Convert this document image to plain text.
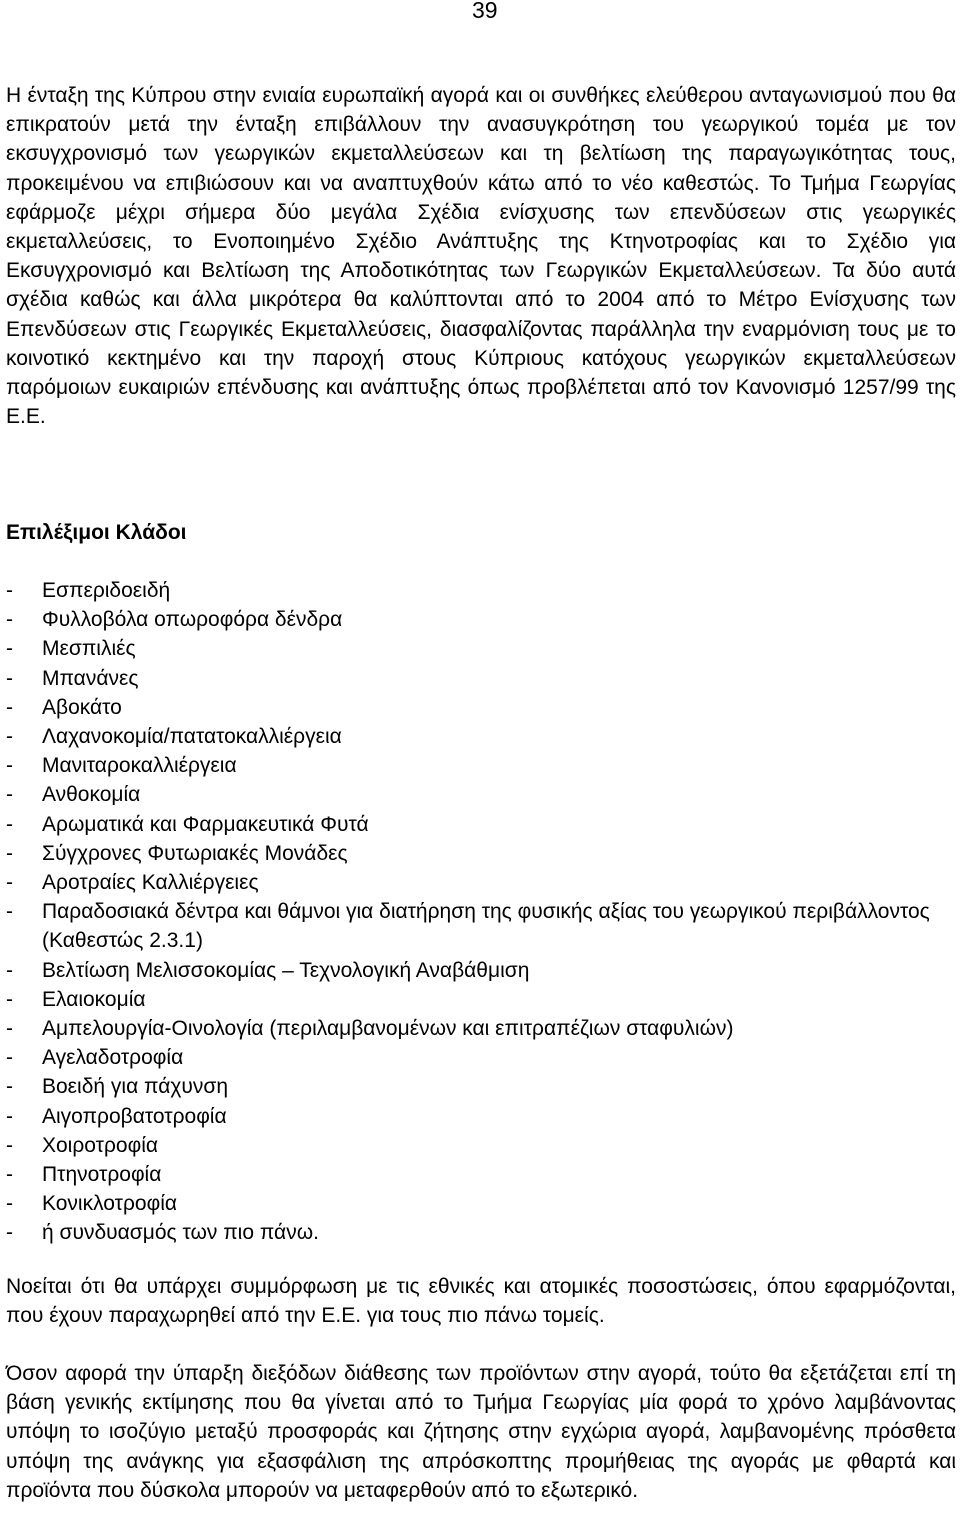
39

Η ένταξη της Κύπρου στην ενιαία ευρωπαϊκή αγορά και οι συνθήκες ελεύθερου ανταγωνισμού που θα επικρατούν μετά την ένταξη επιβάλλουν την ανασυγκρότηση του γεωργικού τομέα με τον εκσυγχρονισμό των γεωργικών εκμεταλλεύσεων και τη βελτίωση της παραγωγικότητας τους, προκειμένου να επιβιώσουν και να αναπτυχθούν κάτω από το νέο καθεστώς. Το Τμήμα Γεωργίας εφάρμοζε μέχρι σήμερα δύο μεγάλα Σχέδια ενίσχυσης των επενδύσεων στις γεωργικές εκμεταλλεύσεις, το Ενοποιημένο Σχέδιο Ανάπτυξης της Κτηνοτροφίας και το Σχέδιο για Εκσυγχρονισμό και Βελτίωση της Αποδοτικότητας των Γεωργικών Εκμεταλλεύσεων. Τα δύο αυτά σχέδια καθώς και άλλα μικρότερα θα καλύπτονται από το 2004 από το Μέτρο Ενίσχυσης των Επενδύσεων στις Γεωργικές Εκμεταλλεύσεις, διασφαλίζοντας παράλληλα την εναρμόνιση τους με το κοινοτικό κεκτημένο και την παροχή στους Κύπριους κατόχους γεωργικών εκμεταλλεύσεων παρόμοιων ευκαιριών επένδυσης και ανάπτυξης όπως προβλέπεται από τον Κανονισμό 1257/99 της Ε.Ε.

Επιλέξιμοι Κλάδοι
- Εσπεριδοειδή
- Φυλλοβόλα οπωροφόρα δένδρα
- Μεσπιλιές
- Μπανάνες
- Αβοκάτο
- Λαχανοκομία/πατατοκαλλιέργεια
- Μανιταροκαλλιέργεια
- Ανθοκομία
- Αρωματικά και Φαρμακευτικά Φυτά
- Σύγχρονες Φυτωριακές Μονάδες
- Αροτραίες Καλλιέργειες
- Παραδοσιακά δέντρα και θάμνοι για διατήρηση της φυσικής αξίας του γεωργικού περιβάλλοντος (Καθεστώς 2.3.1)
- Βελτίωση Μελισσοκομίας – Τεχνολογική Αναβάθμιση
- Ελαιοκομία
- Αμπελουργία-Οινολογία (περιλαμβανομένων και επιτραπέζιων σταφυλιών)
- Αγελαδοτροφία
- Βοειδή για πάχυνση
- Αιγοπροβατοτροφία
- Χοιροτροφία
- Πτηνοτροφία
- Κονικλοτροφία
- ή συνδυασμός των πιο πάνω.

Νοείται ότι θα υπάρχει συμμόρφωση με τις εθνικές και ατομικές ποσοστώσεις, όπου εφαρμόζονται, που έχουν παραχωρηθεί από την Ε.Ε. για τους πιο πάνω τομείς.

Όσον αφορά την ύπαρξη διεξόδων διάθεσης των προϊόντων στην αγορά, τούτο θα εξετάζεται επί τη βάση γενικής εκτίμησης που θα γίνεται από το Τμήμα Γεωργίας μία φορά το χρόνο λαμβάνοντας υπόψη το ισοζύγιο μεταξύ προσφοράς και ζήτησης στην εγχώρια αγορά, λαμβανομένης πρόσθετα υπόψη της ανάγκης για εξασφάλιση της απρόσκοπτης προμήθειας της αγοράς με φθαρτά και προϊόντα που δύσκολα μπορούν να μεταφερθούν από το εξωτερικό.
